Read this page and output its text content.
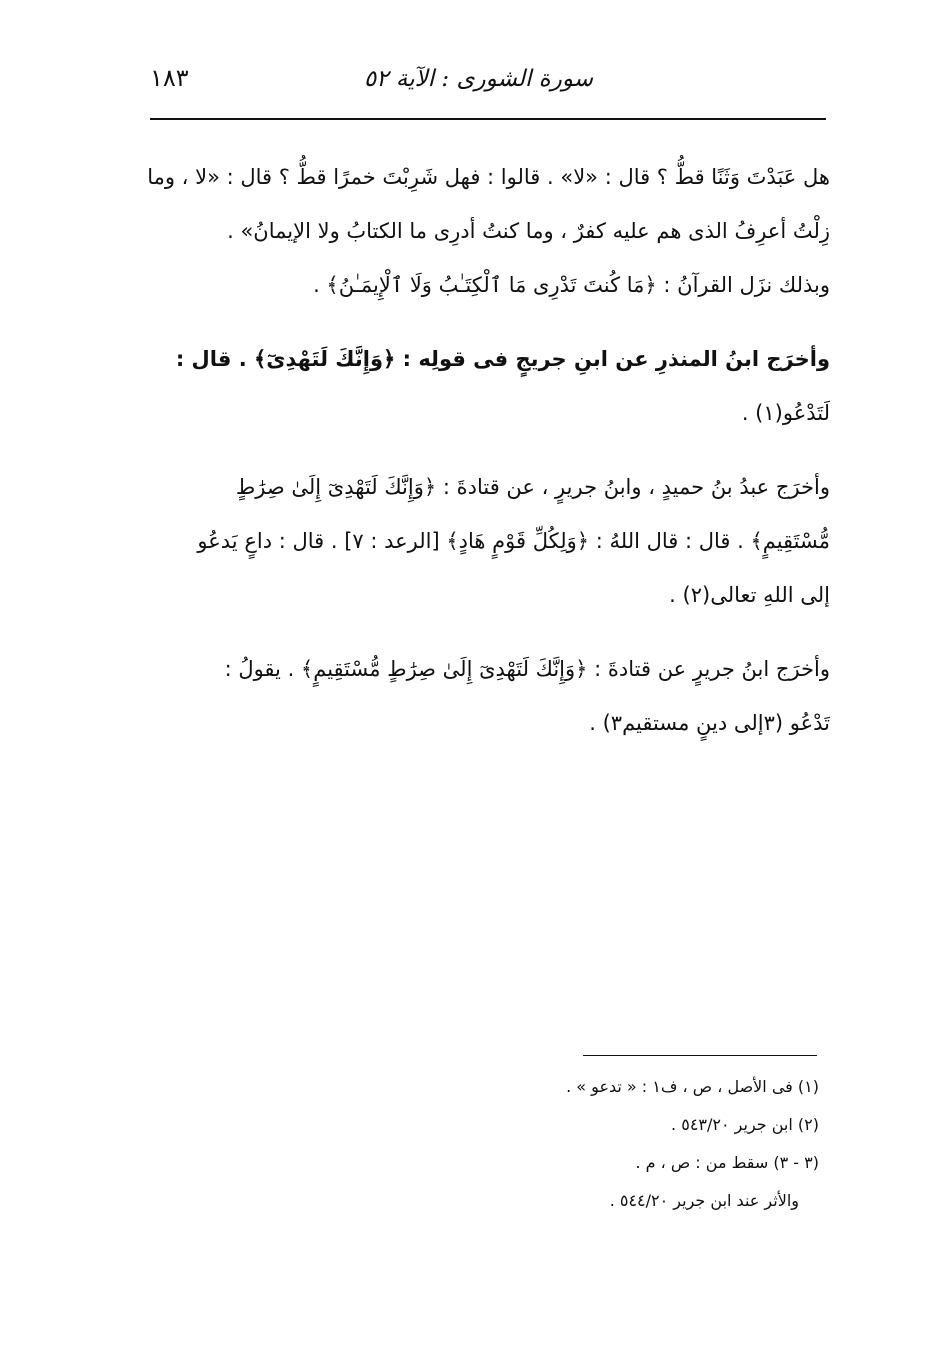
سورة الشورى : الآية ٥٢
١٨٣

هل عَبَدْتَ وَثَنًا قطُّ ؟ قال : «لا» . قالوا : فهل شَرِبْتَ خمرًا قطُّ ؟ قال : «لا ، وما
زِلْتُ أعرِفُ الذى هم عليه كفرٌ ، وما كنتُ أدرِى ما الكتابُ ولا الإيمانُ» .
وبذلك نزَل القرآنُ : ﴿مَا كُنتَ تَدْرِى مَا ٱلْكِتَـٰبُ وَلَا ٱلْإِيمَـٰنُ﴾ .

وأخرَج ابنُ المنذرِ عن ابنِ جريجٍ فى قولِه : ﴿وَإِنَّكَ لَتَهْدِىٓ﴾ . قال :
لَتَدْعُو(١) .

وأخرَج عبدُ بنُ حميدٍ ، وابنُ جريرٍ ، عن قتادةَ : ﴿وَإِنَّكَ لَتَهْدِىٓ إِلَىٰ صِرَٰطٍ
مُّسْتَقِيمٍ﴾ . قال : قال اللهُ : ﴿وَلِكُلِّ قَوْمٍ هَادٍ﴾ [الرعد : ٧] . قال : داعٍ يَدعُو
إلى اللهِ تعالى(٢) .

وأخرَج ابنُ جريرٍ عن قتادةَ : ﴿وَإِنَّكَ لَتَهْدِىٓ إِلَىٰ صِرَٰطٍ مُّسْتَقِيمٍ﴾ . يقولُ :
تَدْعُو (٣إلى دينٍ مستقيم٣) .

(١) فى الأصل ، ص ، ف١ : « تدعو » .
(٢) ابن جرير ٥٤٣/٢٠ .
(٣ - ٣) سقط من : ص ، م .
والأثر عند ابن جرير ٥٤٤/٢٠ .
